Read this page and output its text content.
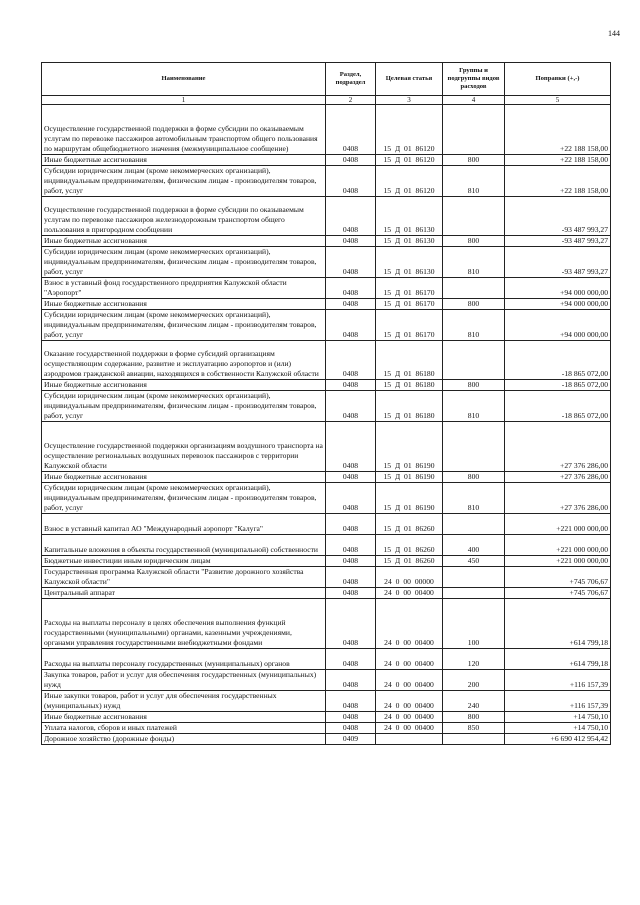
144
Наименование	Раздел, подраздел	Целевая статья	Группы и подгруппы видов расходов	Поправки (+,-)
1	2	3	4	5
Осуществление государственной поддержки в форме субсидии по оказываемым услугам по перевозке пассажиров автомобильным транспортом общего пользования по маршрутам общебюджетного значения (межмуниципальное сообщение)	0408	15 Д 01 86120		+22 188 158,00
Иные бюджетные ассигнования	0408	15 Д 01 86120	800	+22 188 158,00
Субсидии юридическим лицам (кроме некоммерческих организаций), индивидуальным предпринимателям, физическим лицам - производителям товаров, работ, услуг	0408	15 Д 01 86120	810	+22 188 158,00
Осуществление государственной поддержки в форме субсидии по оказываемым услугам по перевозке пассажиров железнодорожным транспортом общего пользования в пригородном сообщении	0408	15 Д 01 86130		-93 487 993,27
Иные бюджетные ассигнования	0408	15 Д 01 86130	800	-93 487 993,27
Субсидии юридическим лицам (кроме некоммерческих организаций), индивидуальным предпринимателям, физическим лицам - производителям товаров, работ, услуг	0408	15 Д 01 86130	810	-93 487 993,27
Взнос в уставный фонд государственного предприятия Калужской области "Аэропорт"	0408	15 Д 01 86170		+94 000 000,00
Иные бюджетные ассигнования	0408	15 Д 01 86170	800	+94 000 000,00
Субсидии юридическим лицам (кроме некоммерческих организаций), индивидуальным предпринимателям, физическим лицам - производителям товаров, работ, услуг	0408	15 Д 01 86170	810	+94 000 000,00
Оказание государственной поддержки в форме субсидий организациям осуществляющим содержание, развитие и эксплуатацию аэропортов и (или) аэродромов гражданской авиации, находящихся в собственности Калужской области	0408	15 Д 01 86180		-18 865 072,00
Иные бюджетные ассигнования	0408	15 Д 01 86180	800	-18 865 072,00
Субсидии юридическим лицам (кроме некоммерческих организаций), индивидуальным предпринимателям, физическим лицам - производителям товаров, работ, услуг	0408	15 Д 01 86180	810	-18 865 072,00
Осуществление государственной поддержки организациям воздушного транспорта на осуществление региональных воздушных перевозок пассажиров с территории Калужской области	0408	15 Д 01 86190		+27 376 286,00
Иные бюджетные ассигнования	0408	15 Д 01 86190	800	+27 376 286,00
Субсидии юридическим лицам (кроме некоммерческих организаций), индивидуальным предпринимателям, физическим лицам - производителям товаров, работ, услуг	0408	15 Д 01 86190	810	+27 376 286,00
Взнос в уставный капитал АО "Международный аэропорт "Калуга"	0408	15 Д 01 86260		+221 000 000,00
Капитальные вложения в объекты государственной (муниципальной) собственности	0408	15 Д 01 86260	400	+221 000 000,00
Бюджетные инвестиции иным юридическим лицам	0408	15 Д 01 86260	450	+221 000 000,00
Государственная программа Калужской области "Развитие дорожного хозяйства Калужской области"	0408	24 0 00 00000		+745 706,67
Центральный аппарат	0408	24 0 00 00400		+745 706,67
Расходы на выплаты персоналу в целях обеспечения выполнения функций государственными (муниципальными) органами, казенными учреждениями, органами управления государственными внебюджетными фондами	0408	24 0 00 00400	100	+614 799,18
Расходы на выплаты персоналу государственных (муниципальных) органов	0408	24 0 00 00400	120	+614 799,18
Закупка товаров, работ и услуг для обеспечения государственных (муниципальных) нужд	0408	24 0 00 00400	200	+116 157,39
Иные закупки товаров, работ и услуг для обеспечения государственных (муниципальных) нужд	0408	24 0 00 00400	240	+116 157,39
Иные бюджетные ассигнования	0408	24 0 00 00400	800	+14 750,10
Уплата налогов, сборов и иных платежей	0408	24 0 00 00400	850	+14 750,10
Дорожное хозяйство (дорожные фонды)	0409			+6 690 412 954,42
